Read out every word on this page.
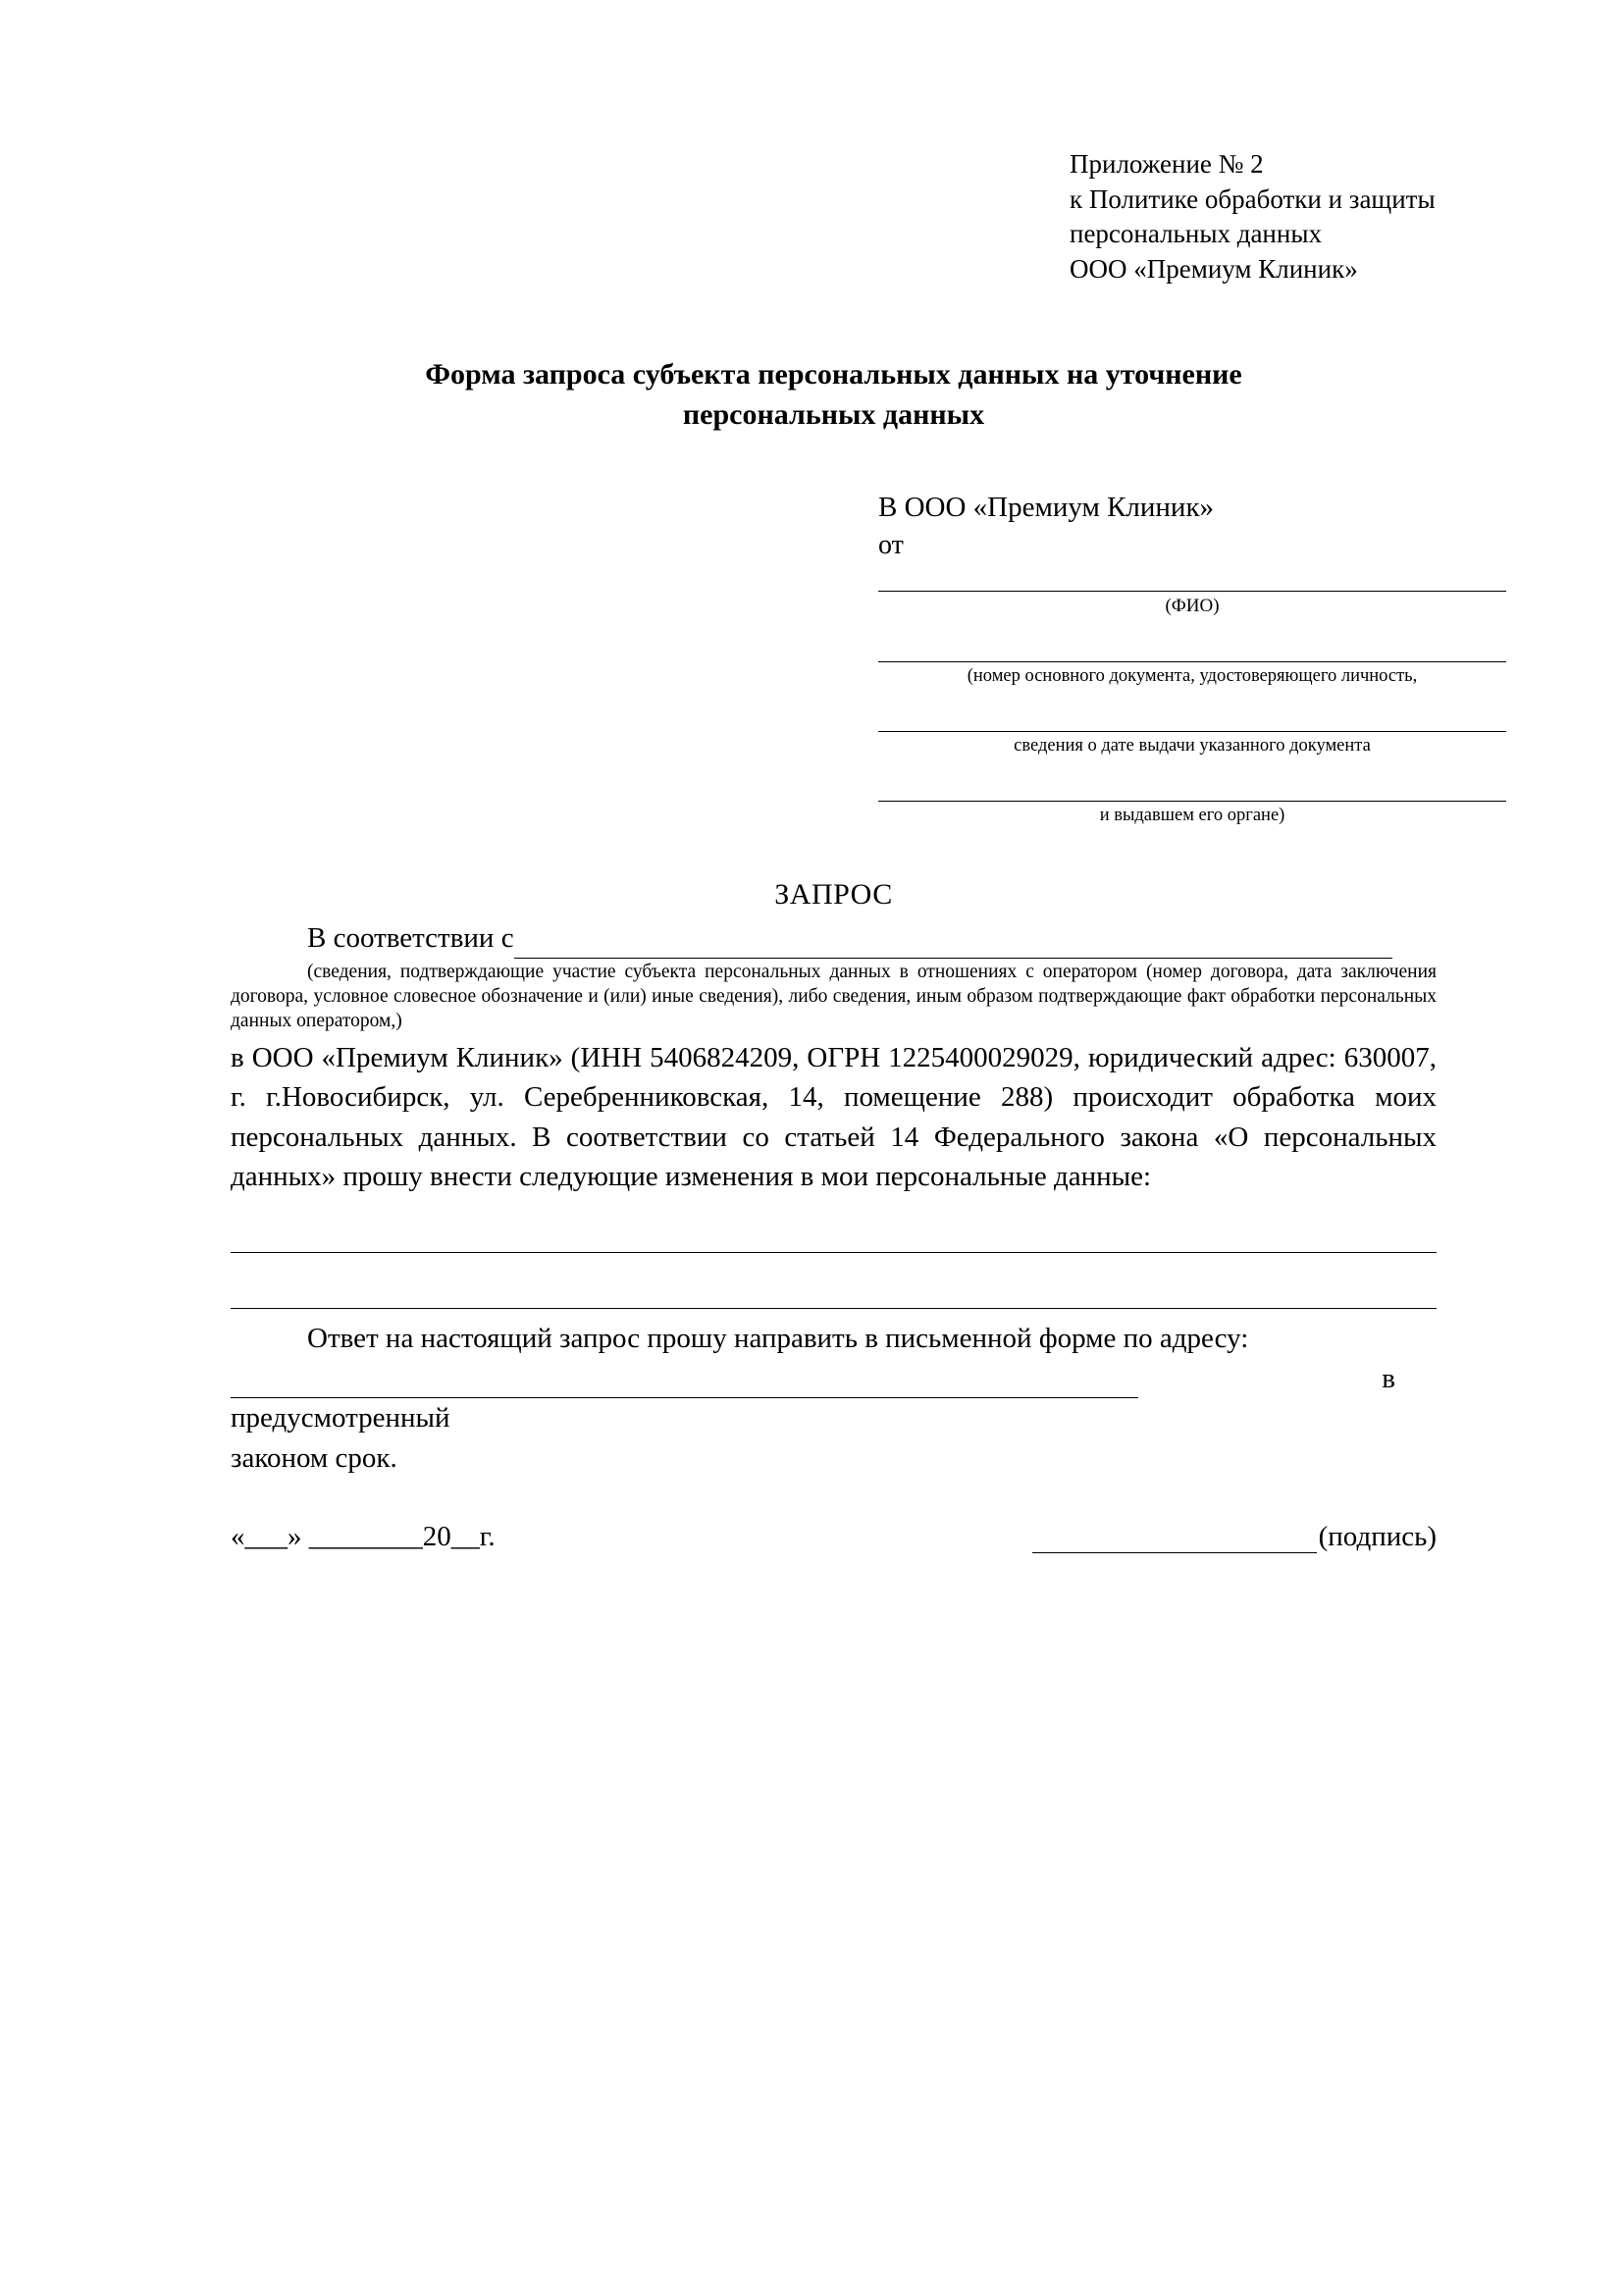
Приложение № 2
к Политике обработки и защиты
персональных данных
ООО «Премиум Клиник»
Форма запроса субъекта персональных данных на уточнение
персональных данных
В ООО «Премиум Клиник»
от
(ФИО)
(номер основного документа, удостоверяющего личность,
сведения о дате выдачи указанного документа
и выдавшем его органе)
ЗАПРОС
В соответствии с
(сведения, подтверждающие участие субъекта персональных данных в отношениях с оператором (номер договора, дата заключения договора, условное словесное обозначение и (или) иные сведения), либо сведения, иным образом подтверждающие факт обработки персональных данных оператором,)
в ООО «Премиум Клиник» (ИНН 5406824209, ОГРН 1225400029029, юридический адрес: 630007, г. г.Новосибирск, ул. Серебренниковская, 14, помещение 288) происходит обработка моих персональных данных. В соответствии со статьей 14 Федерального закона «О персональных данных» прошу внести следующие изменения в мои персональные данные:
Ответ на настоящий запрос прошу направить в письменной форме по адресу:
в предусмотренный
законом срок.
«___» ________20__г.	(подпись)
